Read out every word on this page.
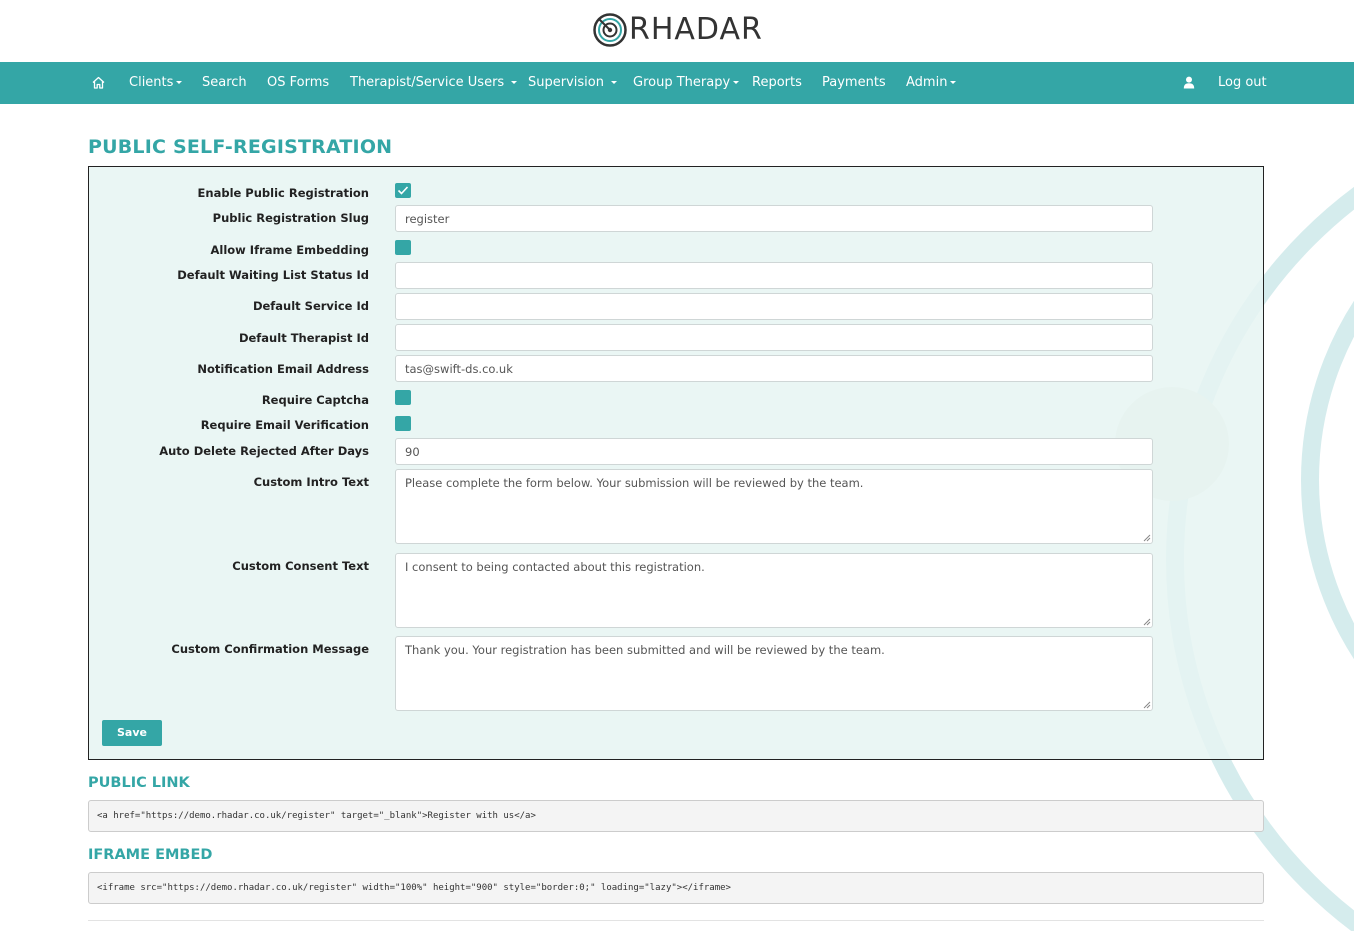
RHADAR
Clients	Search OS Forms Therapist/Service Users	Supervision	Group Therapy	Reports Payments Admin	Log out
PUBLIC SELF-REGISTRATION
Enable Public Registration
Public Registration Slug	register
Allow Iframe Embedding
Default Waiting List Status Id
Default Service Id
Default Therapist Id
Notification Email Address	tas@swift-ds.co.uk
Require Captcha
Require Email Verification
Auto Delete Rejected After Days	90
Custom Intro Text	Please complete the form below. Your submission will be reviewed by the team.
Custom Consent Text	I consent to being contacted about this registration.
Custom Confirmation Message	Thank you. Your registration has been submitted and will be reviewed by the team.
Save
PUBLIC LINK
<a href="https://demo.rhadar.co.uk/register" target="_blank">Register with us</a>
IFRAME EMBED
<iframe src="https://demo.rhadar.co.uk/register" width="100%" height="900" style="border:0;" loading="lazy"></iframe>
